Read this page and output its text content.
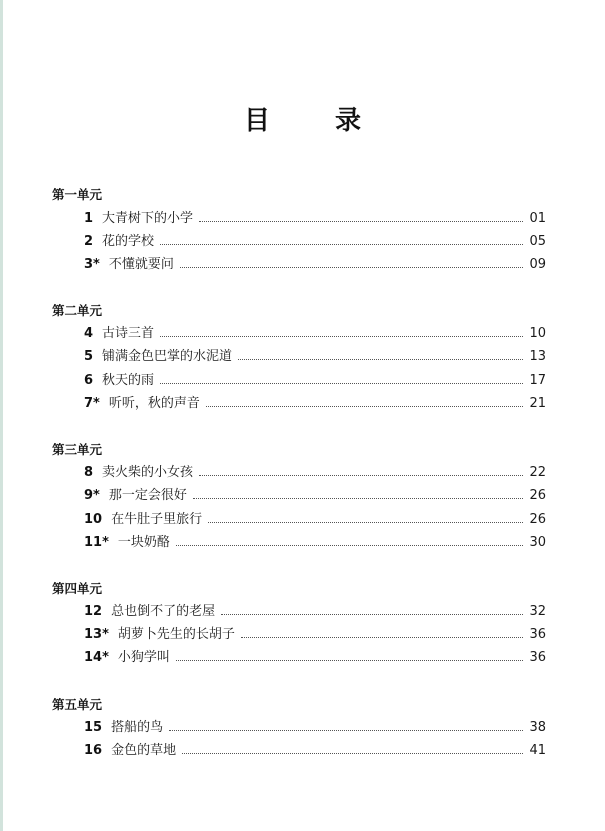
目 录
第一单元
1 大青树下的小学	01
2 花的学校	05
3* 不懂就要问	09
第二单元
4 古诗三首	10
5 铺满金色巴掌的水泥道	13
6 秋天的雨	17
7* 听听，秋的声音	21
第三单元
8 卖火柴的小女孩	22
9* 那一定会很好	26
10 在牛肚子里旅行	26
11* 一块奶酪	30
第四单元
12 总也倒不了的老屋	32
13* 胡萝卜先生的长胡子	36
14* 小狗学叫	36
第五单元
15 搭船的鸟	38
16 金色的草地	41
